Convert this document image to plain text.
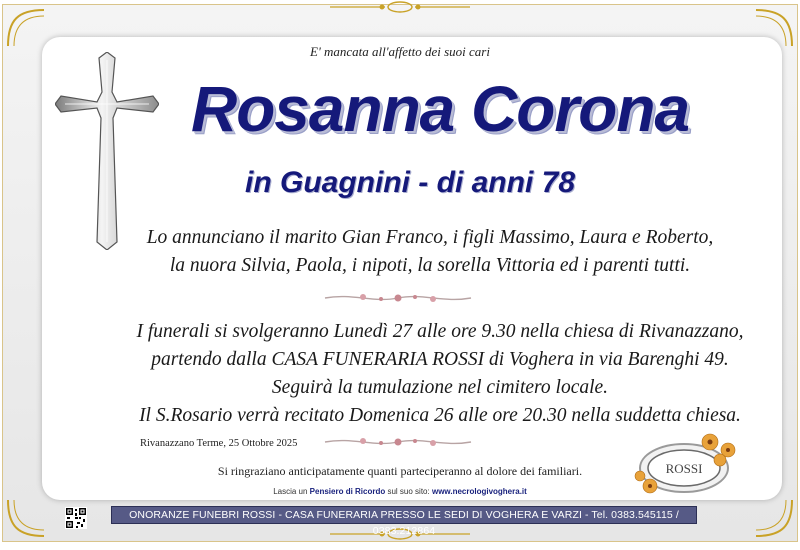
E' mancata all'affetto dei suoi cari
Rosanna Corona
in Guagnini - di anni 78
Lo annunciano il marito Gian Franco, i figli Massimo, Laura e Roberto,
la nuora Silvia, Paola, i nipoti, la sorella Vittoria ed i parenti tutti.
I funerali si svolgeranno Lunedì 27 alle ore 9.30 nella chiesa di Rivanazzano,
partendo dalla CASA FUNERARIA ROSSI di Voghera in via Barenghi 49.
Seguirà la tumulazione nel cimitero locale.
Il S.Rosario verrà recitato Domenica 26 alle ore 20.30 nella suddetta chiesa.
Rivanazzano Terme, 25 Ottobre 2025
ROSSI
Si ringraziano anticipatamente quanti parteciperanno al dolore dei familiari.
Lascia un Pensiero di Ricordo sul suo sito: www.necrologivoghera.it
ONORANZE FUNEBRI ROSSI - CASA FUNERARIA PRESSO LE SEDI DI VOGHERA E VARZI - Tel. 0383.545115 / 0383.212864
